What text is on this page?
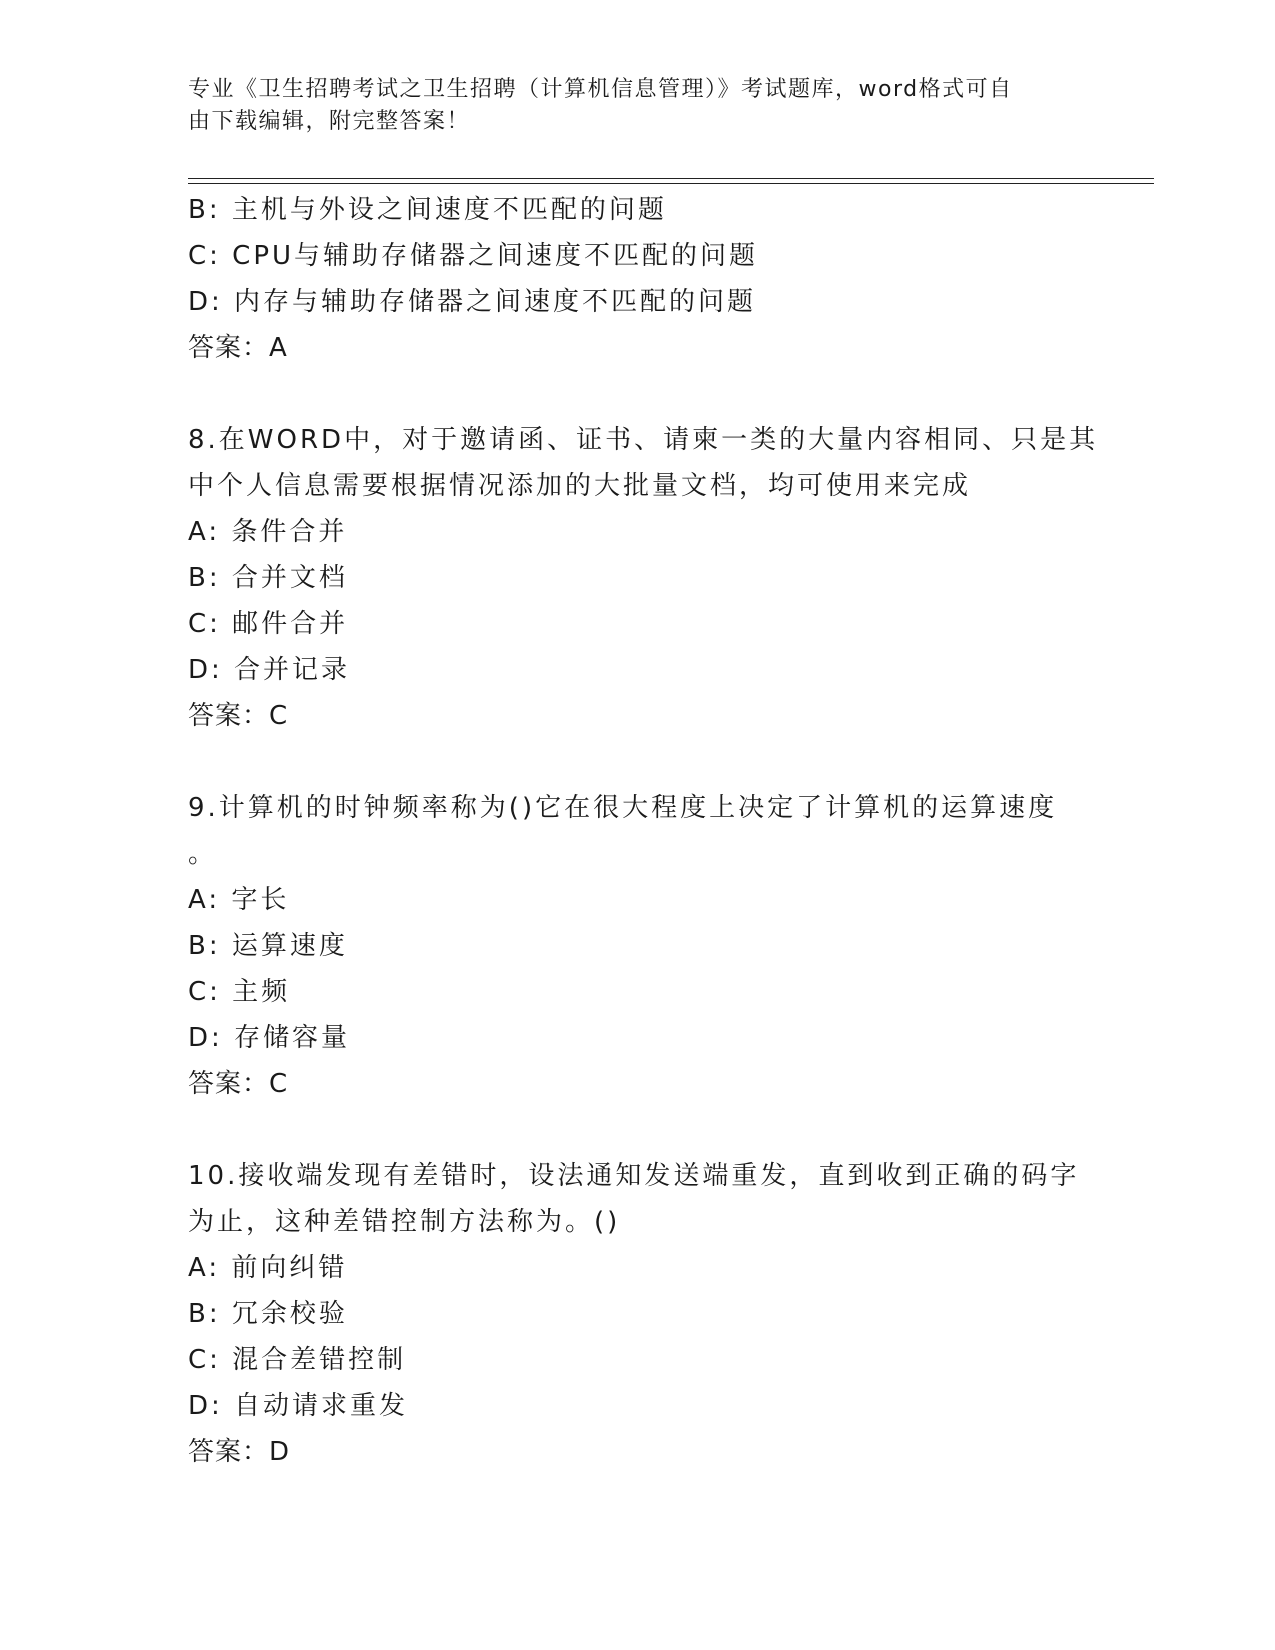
专业《卫生招聘考试之卫生招聘（计算机信息管理）》考试题库，word格式可自
由下载编辑，附完整答案！

B: 主机与外设之间速度不匹配的问题

C: CPU与辅助存储器之间速度不匹配的问题

D: 内存与辅助存储器之间速度不匹配的问题

答案：A

8.在WORD中，对于邀请函、证书、请柬一类的大量内容相同、只是其

中个人信息需要根据情况添加的大批量文档，均可使用来完成

A: 条件合并

B: 合并文档

C: 邮件合并

D: 合并记录

答案：C

9.计算机的时钟频率称为()它在很大程度上决定了计算机的运算速度

。

A: 字长

B: 运算速度

C: 主频

D: 存储容量

答案：C

10.接收端发现有差错时，设法通知发送端重发，直到收到正确的码字

为止，这种差错控制方法称为。()

A: 前向纠错

B: 冗余校验

C: 混合差错控制

D: 自动请求重发

答案：D
